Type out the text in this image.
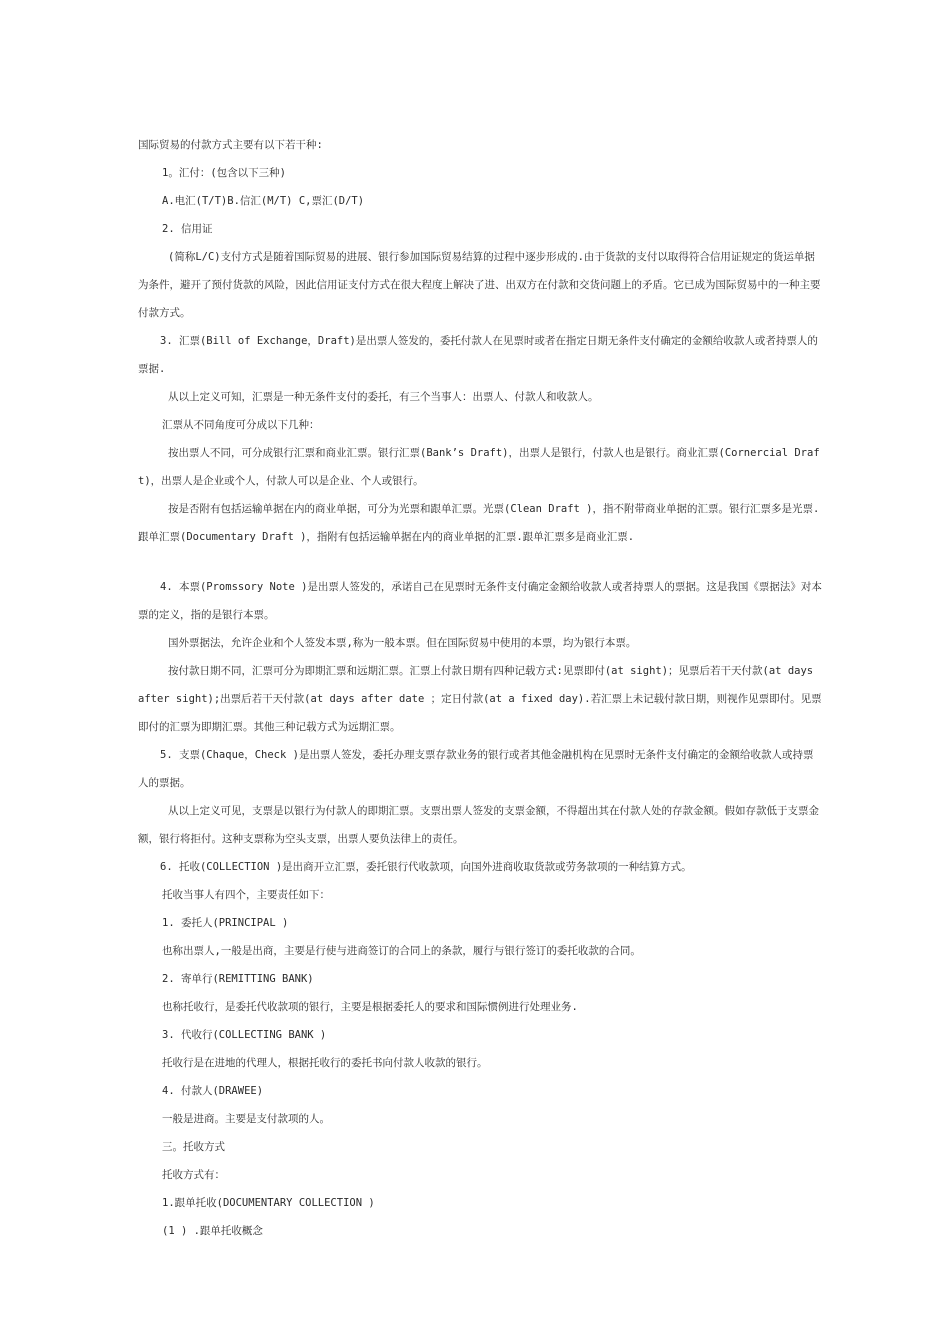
国际贸易的付款方式主要有以下若干种:

1。汇付：(包含以下三种)

A.电汇(T/T)B.信汇(M/T) C,票汇(D/T)

2. 信用证

(简称L/C)支付方式是随着国际贸易的进展、银行参加国际贸易结算的过程中逐步形成的.由于货款的支付以取得符合信用证规定的货运单据为条件，避开了预付货款的风险，因此信用证支付方式在很大程度上解决了进、出双方在付款和交货问题上的矛盾。它已成为国际贸易中的一种主要付款方式。

3. 汇票(Bill of Exchange，Draft)是出票人签发的，委托付款人在见票时或者在指定日期无条件支付确定的金额给收款人或者持票人的票据.

从以上定义可知，汇票是一种无条件支付的委托，有三个当事人：出票人、付款人和收款人。

汇票从不同角度可分成以下几种：

按出票人不同，可分成银行汇票和商业汇票。银行汇票(Bank’s Draft)，出票人是银行，付款人也是银行。商业汇票(Cornercial Draft)，出票人是企业或个人，付款人可以是企业、个人或银行。

按是否附有包括运输单据在内的商业单据，可分为光票和跟单汇票。光票(Clean Draft )，指不附带商业单据的汇票。银行汇票多是光票.跟单汇票(Documentary Draft )，指附有包括运输单据在内的商业单据的汇票.跟单汇票多是商业汇票.

4. 本票(Promssory Note )是出票人签发的，承诺自己在见票时无条件支付确定金额给收款人或者持票人的票据。这是我国《票据法》对本票的定义，指的是银行本票。

国外票据法，允许企业和个人签发本票,称为一般本票。但在国际贸易中使用的本票，均为银行本票。

按付款日期不同，汇票可分为即期汇票和远期汇票。汇票上付款日期有四种记载方式:见票即付(at sight)；见票后若干天付款(at days after sight);出票后若干天付款(at days after date ；定日付款(at a fixed day).若汇票上未记载付款日期，则视作见票即付。见票即付的汇票为即期汇票。其他三种记载方式为远期汇票。

5. 支票(Chaque，Check )是出票人签发，委托办理支票存款业务的银行或者其他金融机构在见票时无条件支付确定的金额给收款人或持票人的票据。

从以上定义可见，支票是以银行为付款人的即期汇票。支票出票人签发的支票金额，不得超出其在付款人处的存款金额。假如存款低于支票金额，银行将拒付。这种支票称为空头支票，出票人要负法律上的责任。

6. 托收(COLLECTION )是出商开立汇票，委托银行代收款项，向国外进商收取货款或劳务款项的一种结算方式。

托收当事人有四个，主要责任如下：

1. 委托人(PRINCIPAL )

也称出票人,一般是出商，主要是行使与进商签订的合同上的条款，履行与银行签订的委托收款的合同。

2. 寄单行(REMITTING BANK)

也称托收行，是委托代收款项的银行，主要是根据委托人的要求和国际惯例进行处理业务.

3. 代收行(COLLECTING BANK )

托收行是在进地的代理人，根据托收行的委托书向付款人收款的银行。

4. 付款人(DRAWEE)

一般是进商。主要是支付款项的人。

三。托收方式

托收方式有：

1.跟单托收(DOCUMENTARY COLLECTION )

(1 ) .跟单托收概念
